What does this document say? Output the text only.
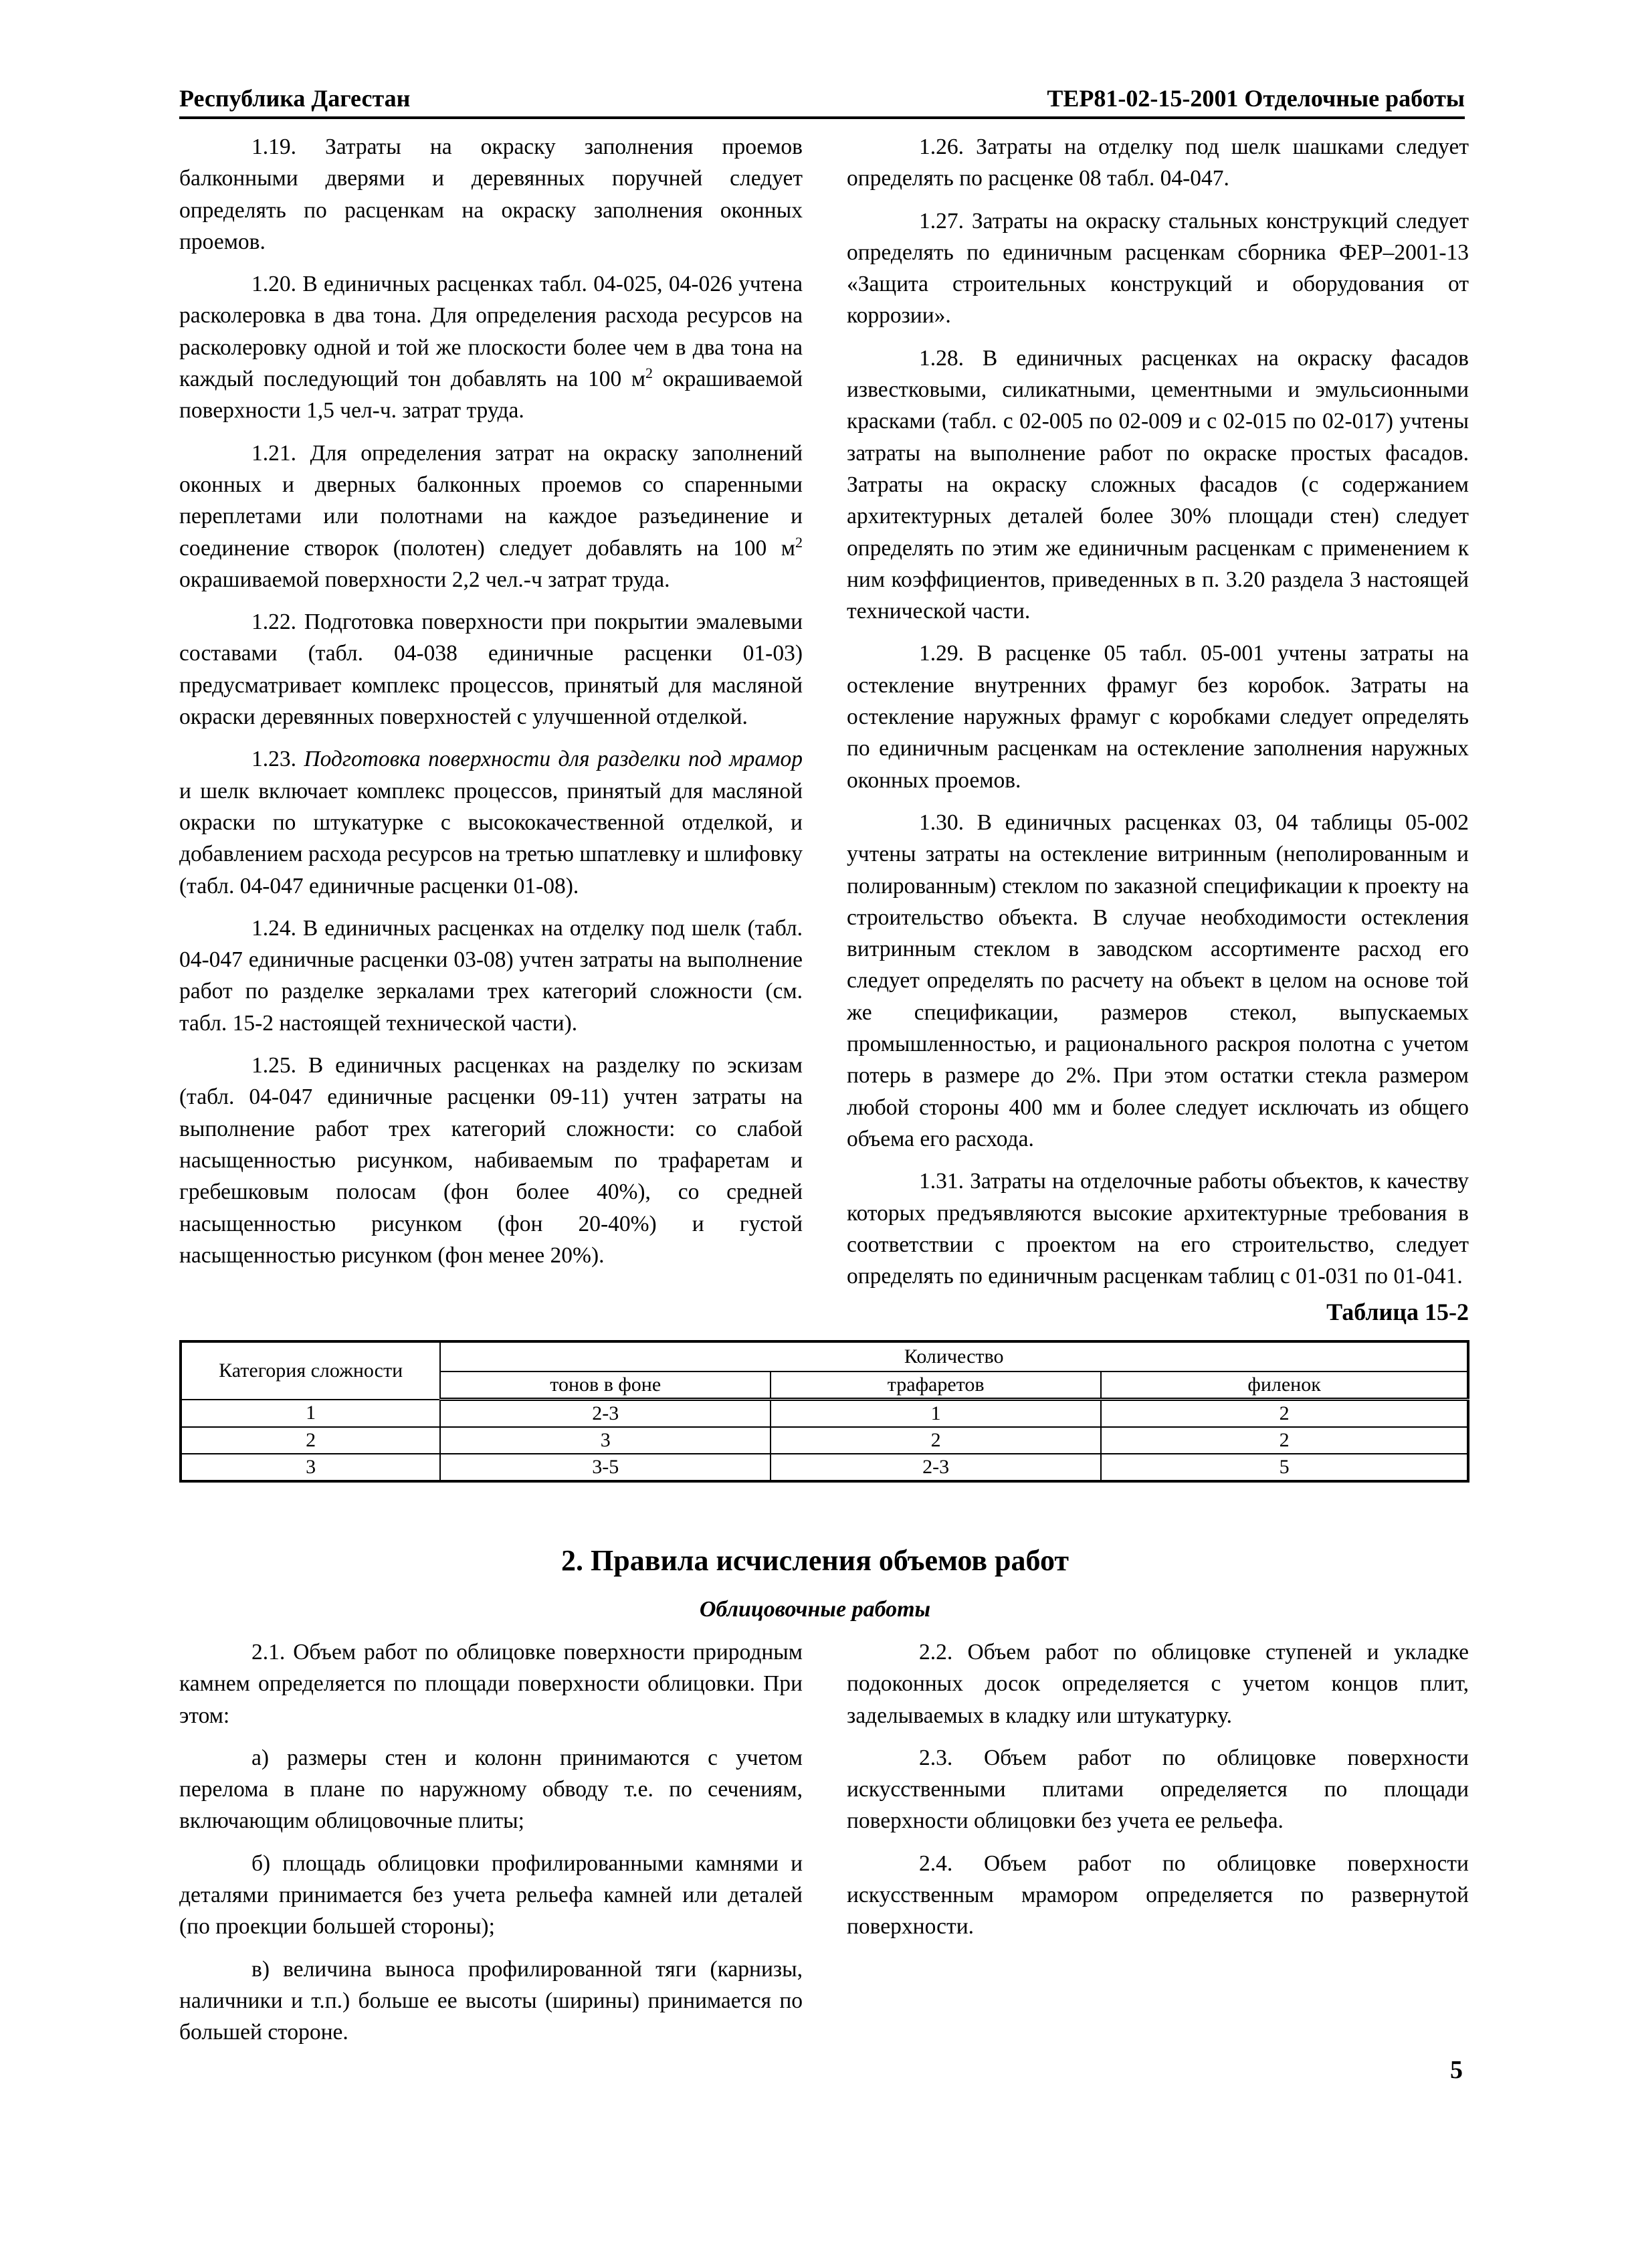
Республика Дагестан	ТЕР81-02-15-2001 Отделочные работы

1.19. Затраты на окраску заполнения проемов балконными дверями и деревянных поручней следует определять по расценкам на окраску заполнения оконных проемов.

1.20. В единичных расценках табл. 04-025, 04-026 учтена расколеровка в два тона. Для определения расхода ресурсов на расколеровку одной и той же плоскости более чем в два тона на каждый последующий тон добавлять на 100 $м^2$ окрашиваемой поверхности 1,5 чел-ч. затрат труда.

1.21. Для определения затрат на окраску заполнений оконных и дверных балконных проемов со спаренными переплетами или полотнами на каждое разъединение и соединение створок (полотен) следует добавлять на 100 $м^2$ окрашиваемой поверхности 2,2 чел.-ч затрат труда.

1.22. Подготовка поверхности при покрытии эмалевыми составами (табл. 04-038 единичные расценки 01-03) предусматривает комплекс процессов, принятый для масляной окраски деревянных поверхностей с улучшенной отделкой.

1.23. Подготовка поверхности для разделки под мрамор и шелк включает комплекс процессов, принятый для масляной окраски по штукатурке с высококачественной отделкой, и добавлением расхода ресурсов на третью шпатлевку и шлифовку (табл. 04-047 единичные расценки 01-08).

1.24. В единичных расценках на отделку под шелк (табл. 04-047 единичные расценки 03-08) учтен затраты на выполнение работ по разделке зеркалами трех категорий сложности (см. табл. 15-2 настоящей технической части).

1.25. В единичных расценках на разделку по эскизам (табл. 04-047 единичные расценки 09-11) учтен затраты на выполнение работ трех категорий сложности: со слабой насыщенностью рисунком, набиваемым по трафаретам и гребешковым полосам (фон более 40%), со средней насыщенностью рисунком (фон 20-40%) и густой насыщенностью рисунком (фон менее 20%).

1.26. Затраты на отделку под шелк шашками следует определять по расценке 08 табл. 04-047.

1.27. Затраты на окраску стальных конструкций следует определять по единичным расценкам сборника ФЕР–2001-13 «Защита строительных конструкций и оборудования от коррозии».

1.28. В единичных расценках на окраску фасадов известковыми, силикатными, цементными и эмульсионными красками (табл. с 02-005 по 02-009 и с 02-015 по 02-017) учтены затраты на выполнение работ по окраске простых фасадов. Затраты на окраску сложных фасадов (с содержанием архитектурных деталей более 30% площади стен) следует определять по этим же единичным расценкам с применением к ним коэффициентов, приведенных в п. 3.20 раздела 3 настоящей технической части.

1.29. В расценке 05 табл. 05-001 учтены затраты на остекление внутренних фрамуг без коробок. Затраты на остекление наружных фрамуг с коробками следует определять по единичным расценкам на остекление заполнения наружных оконных проемов.

1.30. В единичных расценках 03, 04 таблицы 05-002 учтены затраты на остекление витринным (неполированным и полированным) стеклом по заказной спецификации к проекту на строительство объекта. В случае необходимости остекления витринным стеклом в заводском ассортименте расход его следует определять по расчету на объект в целом на основе той же спецификации, размеров стекол, выпускаемых промышленностью, и рационального раскроя полотна с учетом потерь в размере до 2%. При этом остатки стекла размером любой стороны 400 мм и более следует исключать из общего объема его расхода.

1.31. Затраты на отделочные работы объектов, к качеству которых предъявляются высокие архитектурные требования в соответствии с проектом на его строительство, следует определять по единичным расценкам таблиц с 01-031 по 01-041.

Таблица 15-2
Категория сложности	Количество		
	тонов в фоне	трафаретов	филенок
1	2-3	1	2
2	3	2	2
3	3-5	2-3	5
2. Правила исчисления объемов работ
Облицовочные работы

2.1. Объем работ по облицовке поверхности природным камнем определяется по площади поверхности облицовки. При этом:

а) размеры стен и колонн принимаются с учетом перелома в плане по наружному обводу т.е. по сечениям, включающим облицовочные плиты;

б) площадь облицовки профилированными камнями и деталями принимается без учета рельефа камней или деталей (по проекции большей стороны);

в) величина выноса профилированной тяги (карнизы, наличники и т.п.) больше ее высоты (ширины) принимается по большей стороне.

2.2. Объем работ по облицовке ступеней и укладке подоконных досок определяется с учетом концов плит, заделываемых в кладку или штукатурку.

2.3. Объем работ по облицовке поверхности искусственными плитами определяется по площади поверхности облицовки без учета ее рельефа.

2.4. Объем работ по облицовке поверхности искусственным мрамором определяется по развернутой поверхности.

5
